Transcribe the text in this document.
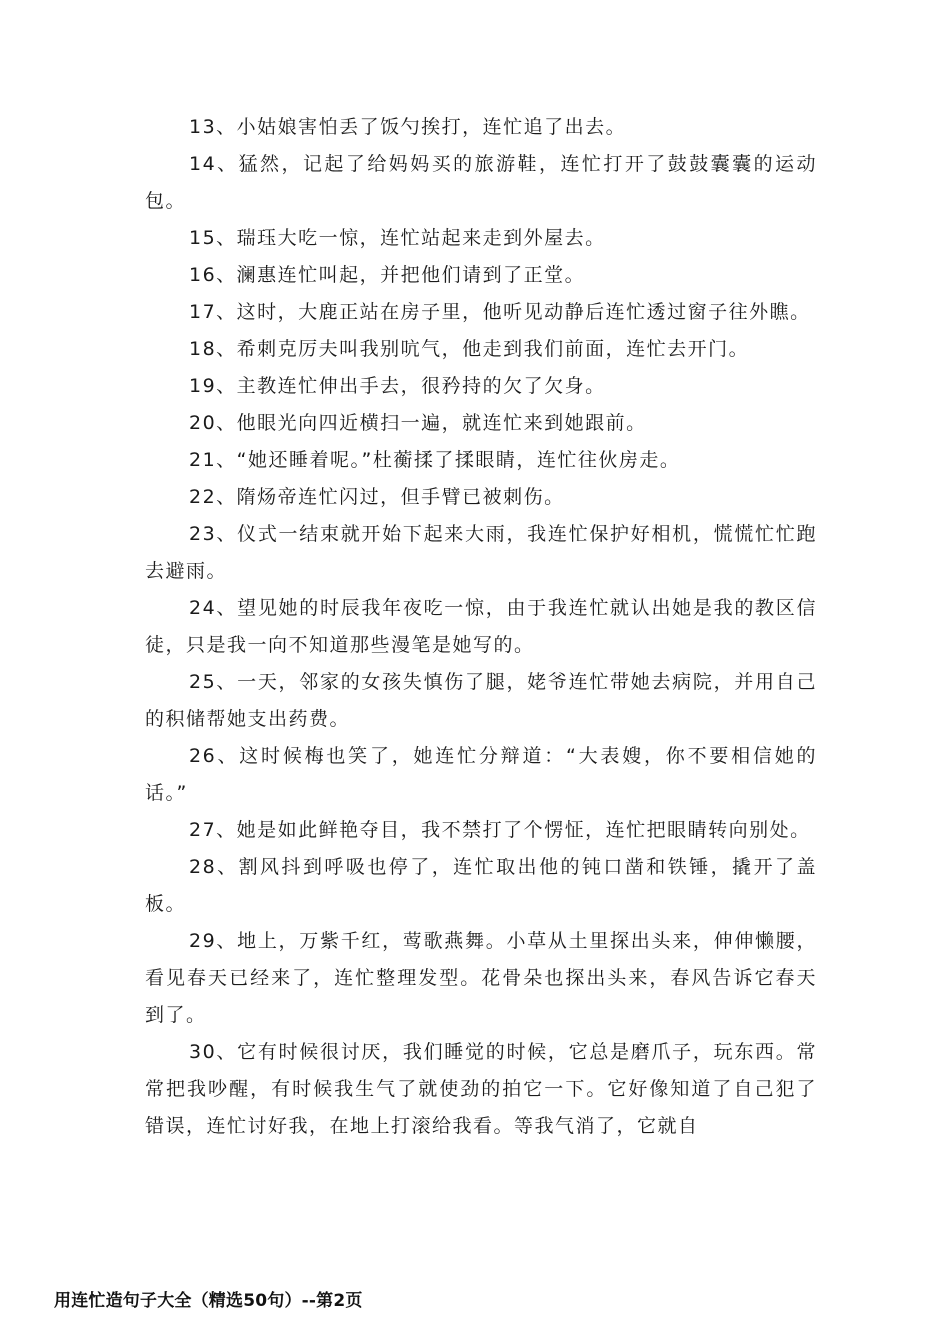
13、小姑娘害怕丢了饭勺挨打，连忙追了出去。

14、猛然，记起了给妈妈买的旅游鞋，连忙打开了鼓鼓囊囊的运动包。

15、瑞珏大吃一惊，连忙站起来走到外屋去。

16、澜惠连忙叫起，并把他们请到了正堂。

17、这时，大鹿正站在房子里，他听见动静后连忙透过窗子往外瞧。

18、希刺克厉夫叫我别吭气，他走到我们前面，连忙去开门。

19、主教连忙伸出手去，很矜持的欠了欠身。

20、他眼光向四近横扫一遍，就连忙来到她跟前。

21、“她还睡着呢。”杜蘅揉了揉眼睛，连忙往伙房走。

22、隋炀帝连忙闪过，但手臂已被刺伤。

23、仪式一结束就开始下起来大雨，我连忙保护好相机，慌慌忙忙跑去避雨。

24、望见她的时辰我年夜吃一惊，由于我连忙就认出她是我的教区信徒，只是我一向不知道那些漫笔是她写的。

25、一天，邻家的女孩失慎伤了腿，姥爷连忙带她去病院，并用自己的积储帮她支出药费。

26、这时候梅也笑了，她连忙分辩道：“大表嫂，你不要相信她的话。”

27、她是如此鲜艳夺目，我不禁打了个愣怔，连忙把眼睛转向别处。

28、割风抖到呼吸也停了，连忙取出他的钝口凿和铁锤，撬开了盖板。

29、地上，万紫千红，莺歌燕舞。小草从土里探出头来，伸伸懒腰，看见春天已经来了，连忙整理发型。花骨朵也探出头来，春风告诉它春天到了。

30、它有时候很讨厌，我们睡觉的时候，它总是磨爪子，玩东西。常常把我吵醒，有时候我生气了就使劲的拍它一下。它好像知道了自己犯了错误，连忙讨好我，在地上打滚给我看。等我气消了，它就自

用连忙造句子大全（精选50句）--第2页
